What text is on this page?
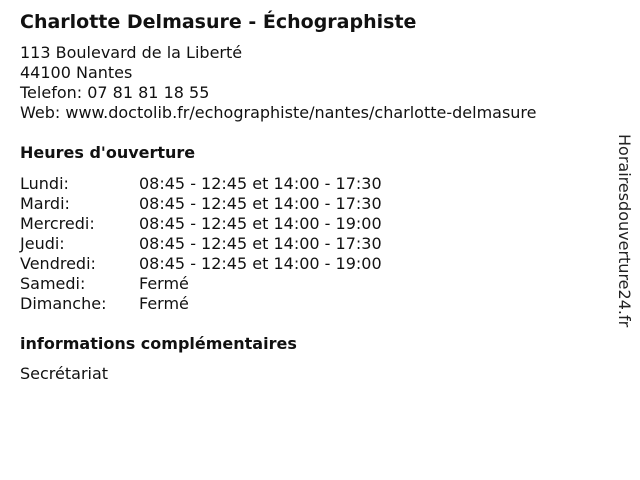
Charlotte Delmasure - Échographiste
113 Boulevard de la Liberté
44100 Nantes
Telefon: 07 81 81 18 55
Web: www.doctolib.fr/echographiste/nantes/charlotte-delmasure
Heures d'ouverture
Lundi:	08:45 - 12:45 et 14:00 - 17:30
Mardi:	08:45 - 12:45 et 14:00 - 17:30
Mercredi:	08:45 - 12:45 et 14:00 - 19:00
Jeudi:	08:45 - 12:45 et 14:00 - 17:30
Vendredi:	08:45 - 12:45 et 14:00 - 19:00
Samedi:	Fermé
Dimanche:	Fermé
informations complémentaires
Secrétariat
Horairesdouverture24.fr
